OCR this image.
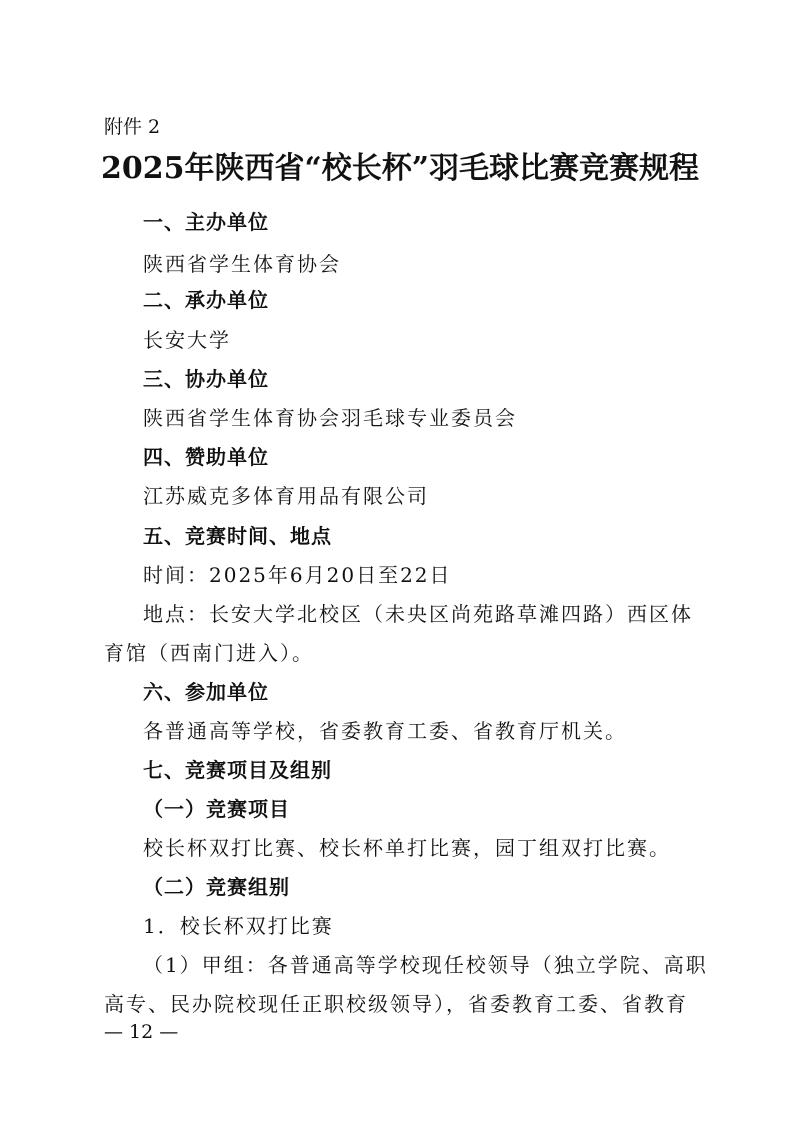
附件 2
2025年陕西省“校长杯”羽毛球比赛竞赛规程
一、主办单位
陕西省学生体育协会
二、承办单位
长安大学
三、协办单位
陕西省学生体育协会羽毛球专业委员会
四、赞助单位
江苏威克多体育用品有限公司
五、竞赛时间、地点
时间：2025年6月20日至22日
地点：长安大学北校区（未央区尚苑路草滩四路）西区体
育馆（西南门进入）。
六、参加单位
各普通高等学校，省委教育工委、省教育厅机关。
七、竞赛项目及组别
（一）竞赛项目
校长杯双打比赛、校长杯单打比赛，园丁组双打比赛。
（二）竞赛组别
1．校长杯双打比赛
（1）甲组：各普通高等学校现任校领导（独立学院、高职
高专、民办院校现任正职校级领导），省委教育工委、省教育
— 12 —
